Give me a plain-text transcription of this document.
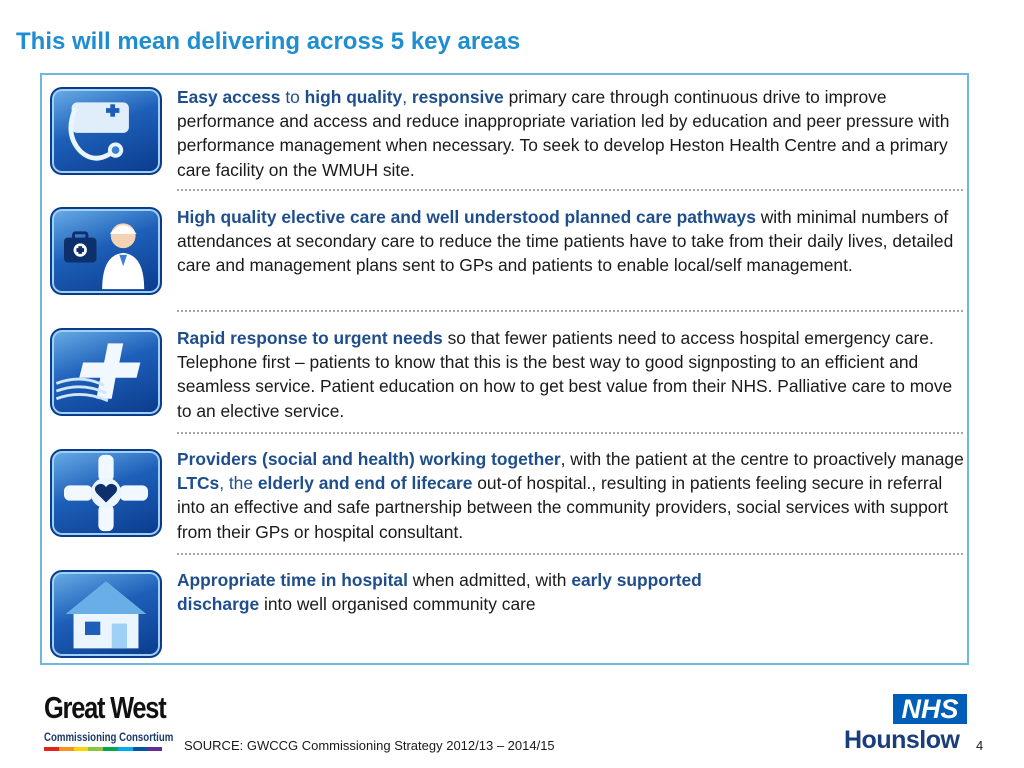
This will mean delivering across 5 key areas
Easy access to high quality, responsive primary care through continuous drive to improve performance and access and reduce inappropriate variation led by education and peer pressure with performance management when necessary. To seek to develop Heston Health Centre and a primary care facility on the WMUH site.
High quality elective care and well understood planned care pathways with minimal numbers of attendances at secondary care to reduce the time patients have to take from their daily lives, detailed care and management plans sent to GPs and patients to enable local/self management.
Rapid response to urgent needs so that fewer patients need to access hospital emergency care. Telephone first – patients to know that this is the best way to good signposting to an efficient and seamless service. Patient education on how to get best value from their NHS. Palliative care to move to an elective service.
Providers (social and health) working together, with the patient at the centre to proactively manage LTCs, the elderly and end of lifecare out-of hospital., resulting in patients feeling secure in referral into an effective and safe partnership between the community providers, social services with support from their GPs or hospital consultant.
Appropriate time in hospital when admitted, with early supported
discharge into well organised community care
Great West
Commissioning Consortium SOURCE: GWCCG Commissioning Strategy 2012/13 – 2014/15
NHS
Hounslow 4
